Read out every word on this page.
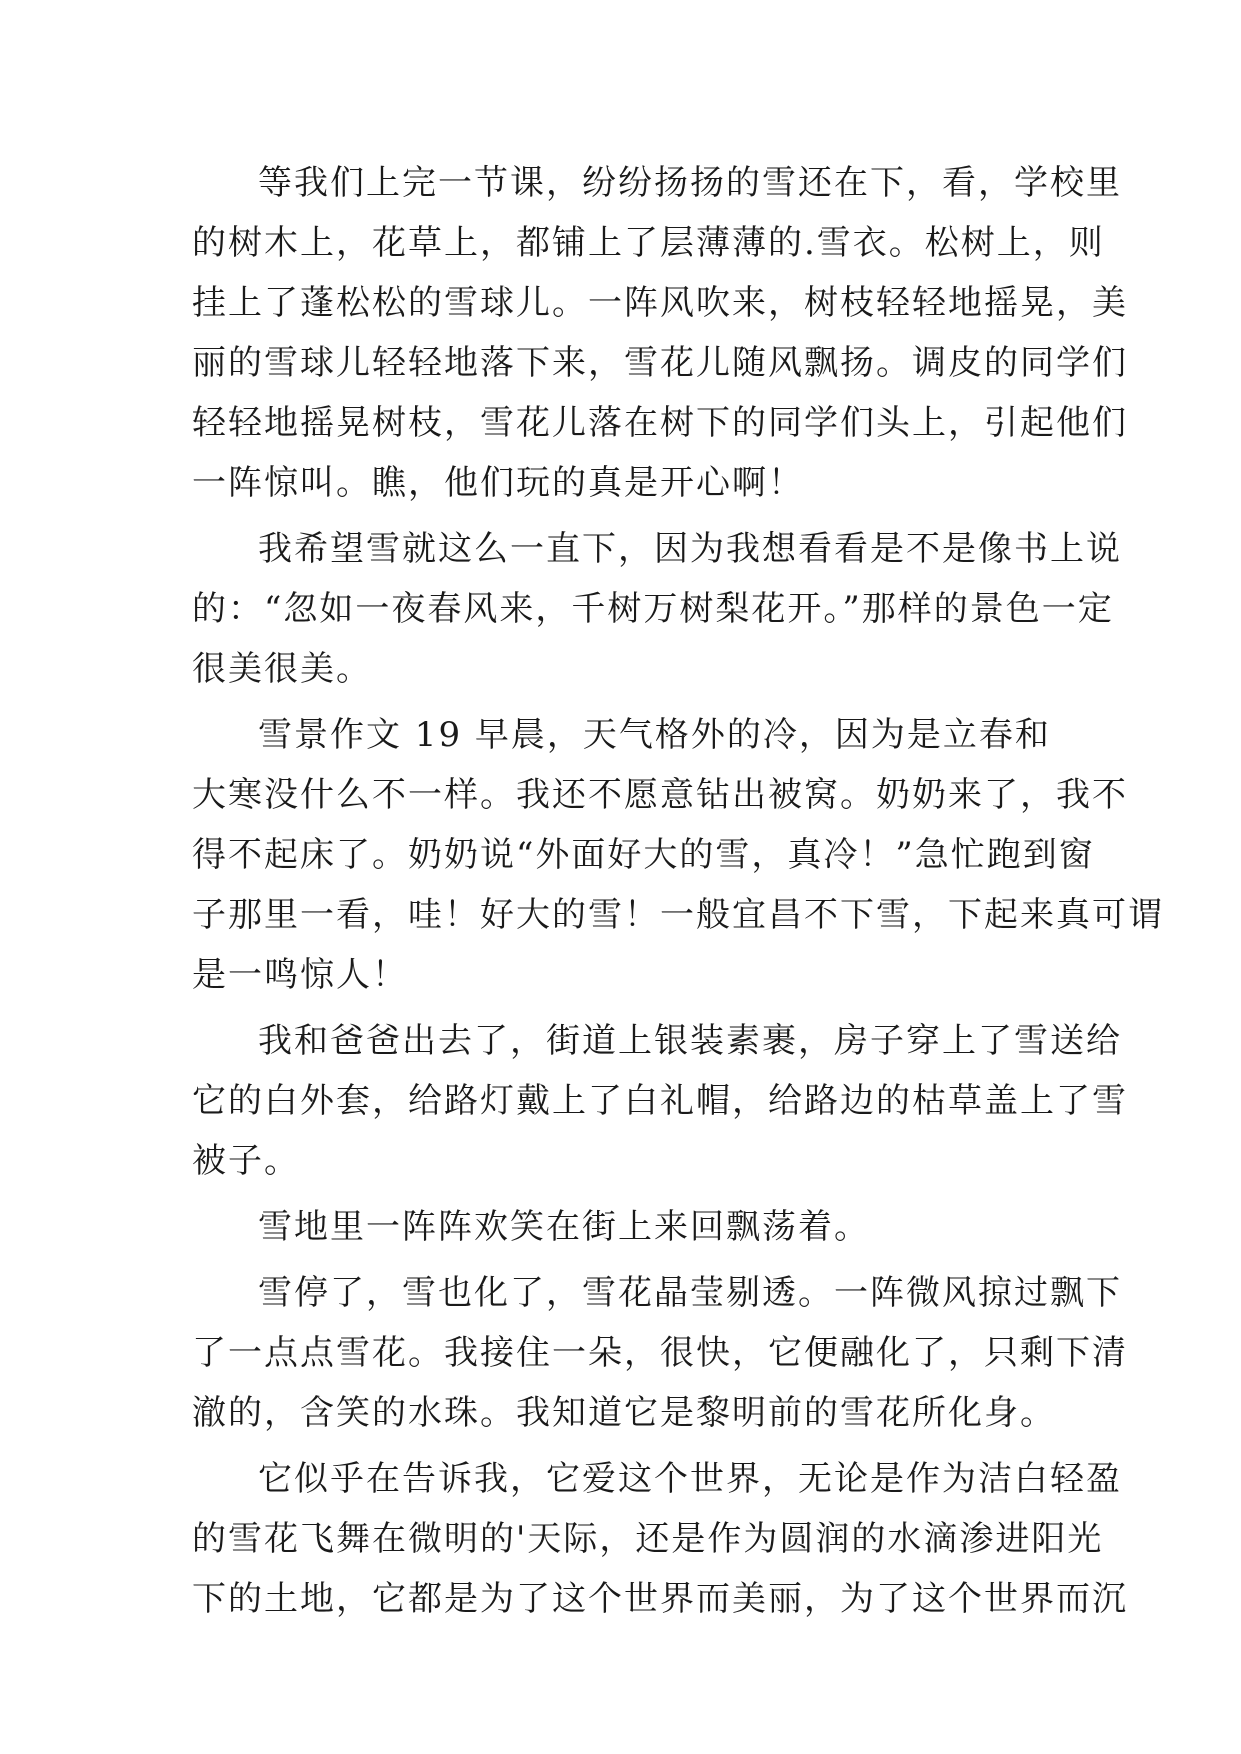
等我们上完一节课，纷纷扬扬的雪还在下，看，学校里
的树木上，花草上，都铺上了层薄薄的.雪衣。松树上，则
挂上了蓬松松的雪球儿。一阵风吹来，树枝轻轻地摇晃，美
丽的雪球儿轻轻地落下来，雪花儿随风飘扬。调皮的同学们
轻轻地摇晃树枝，雪花儿落在树下的同学们头上，引起他们
一阵惊叫。瞧，他们玩的真是开心啊！
我希望雪就这么一直下，因为我想看看是不是像书上说
的：“忽如一夜春风来，千树万树梨花开。”那样的景色一定
很美很美。
雪景作文 19 早晨，天气格外的冷，因为是立春和
大寒没什么不一样。我还不愿意钻出被窝。奶奶来了，我不
得不起床了。奶奶说“外面好大的雪，真冷！”急忙跑到窗
子那里一看，哇！好大的雪！一般宜昌不下雪，下起来真可谓
是一鸣惊人！
我和爸爸出去了，街道上银装素裹，房子穿上了雪送给
它的白外套，给路灯戴上了白礼帽，给路边的枯草盖上了雪
被子。
雪地里一阵阵欢笑在街上来回飘荡着。
雪停了，雪也化了，雪花晶莹剔透。一阵微风掠过飘下
了一点点雪花。我接住一朵，很快，它便融化了，只剩下清
澈的，含笑的水珠。我知道它是黎明前的雪花所化身。
它似乎在告诉我，它爱这个世界，无论是作为洁白轻盈
的雪花飞舞在微明的'天际，还是作为圆润的水滴渗进阳光
下的土地，它都是为了这个世界而美丽，为了这个世界而沉
